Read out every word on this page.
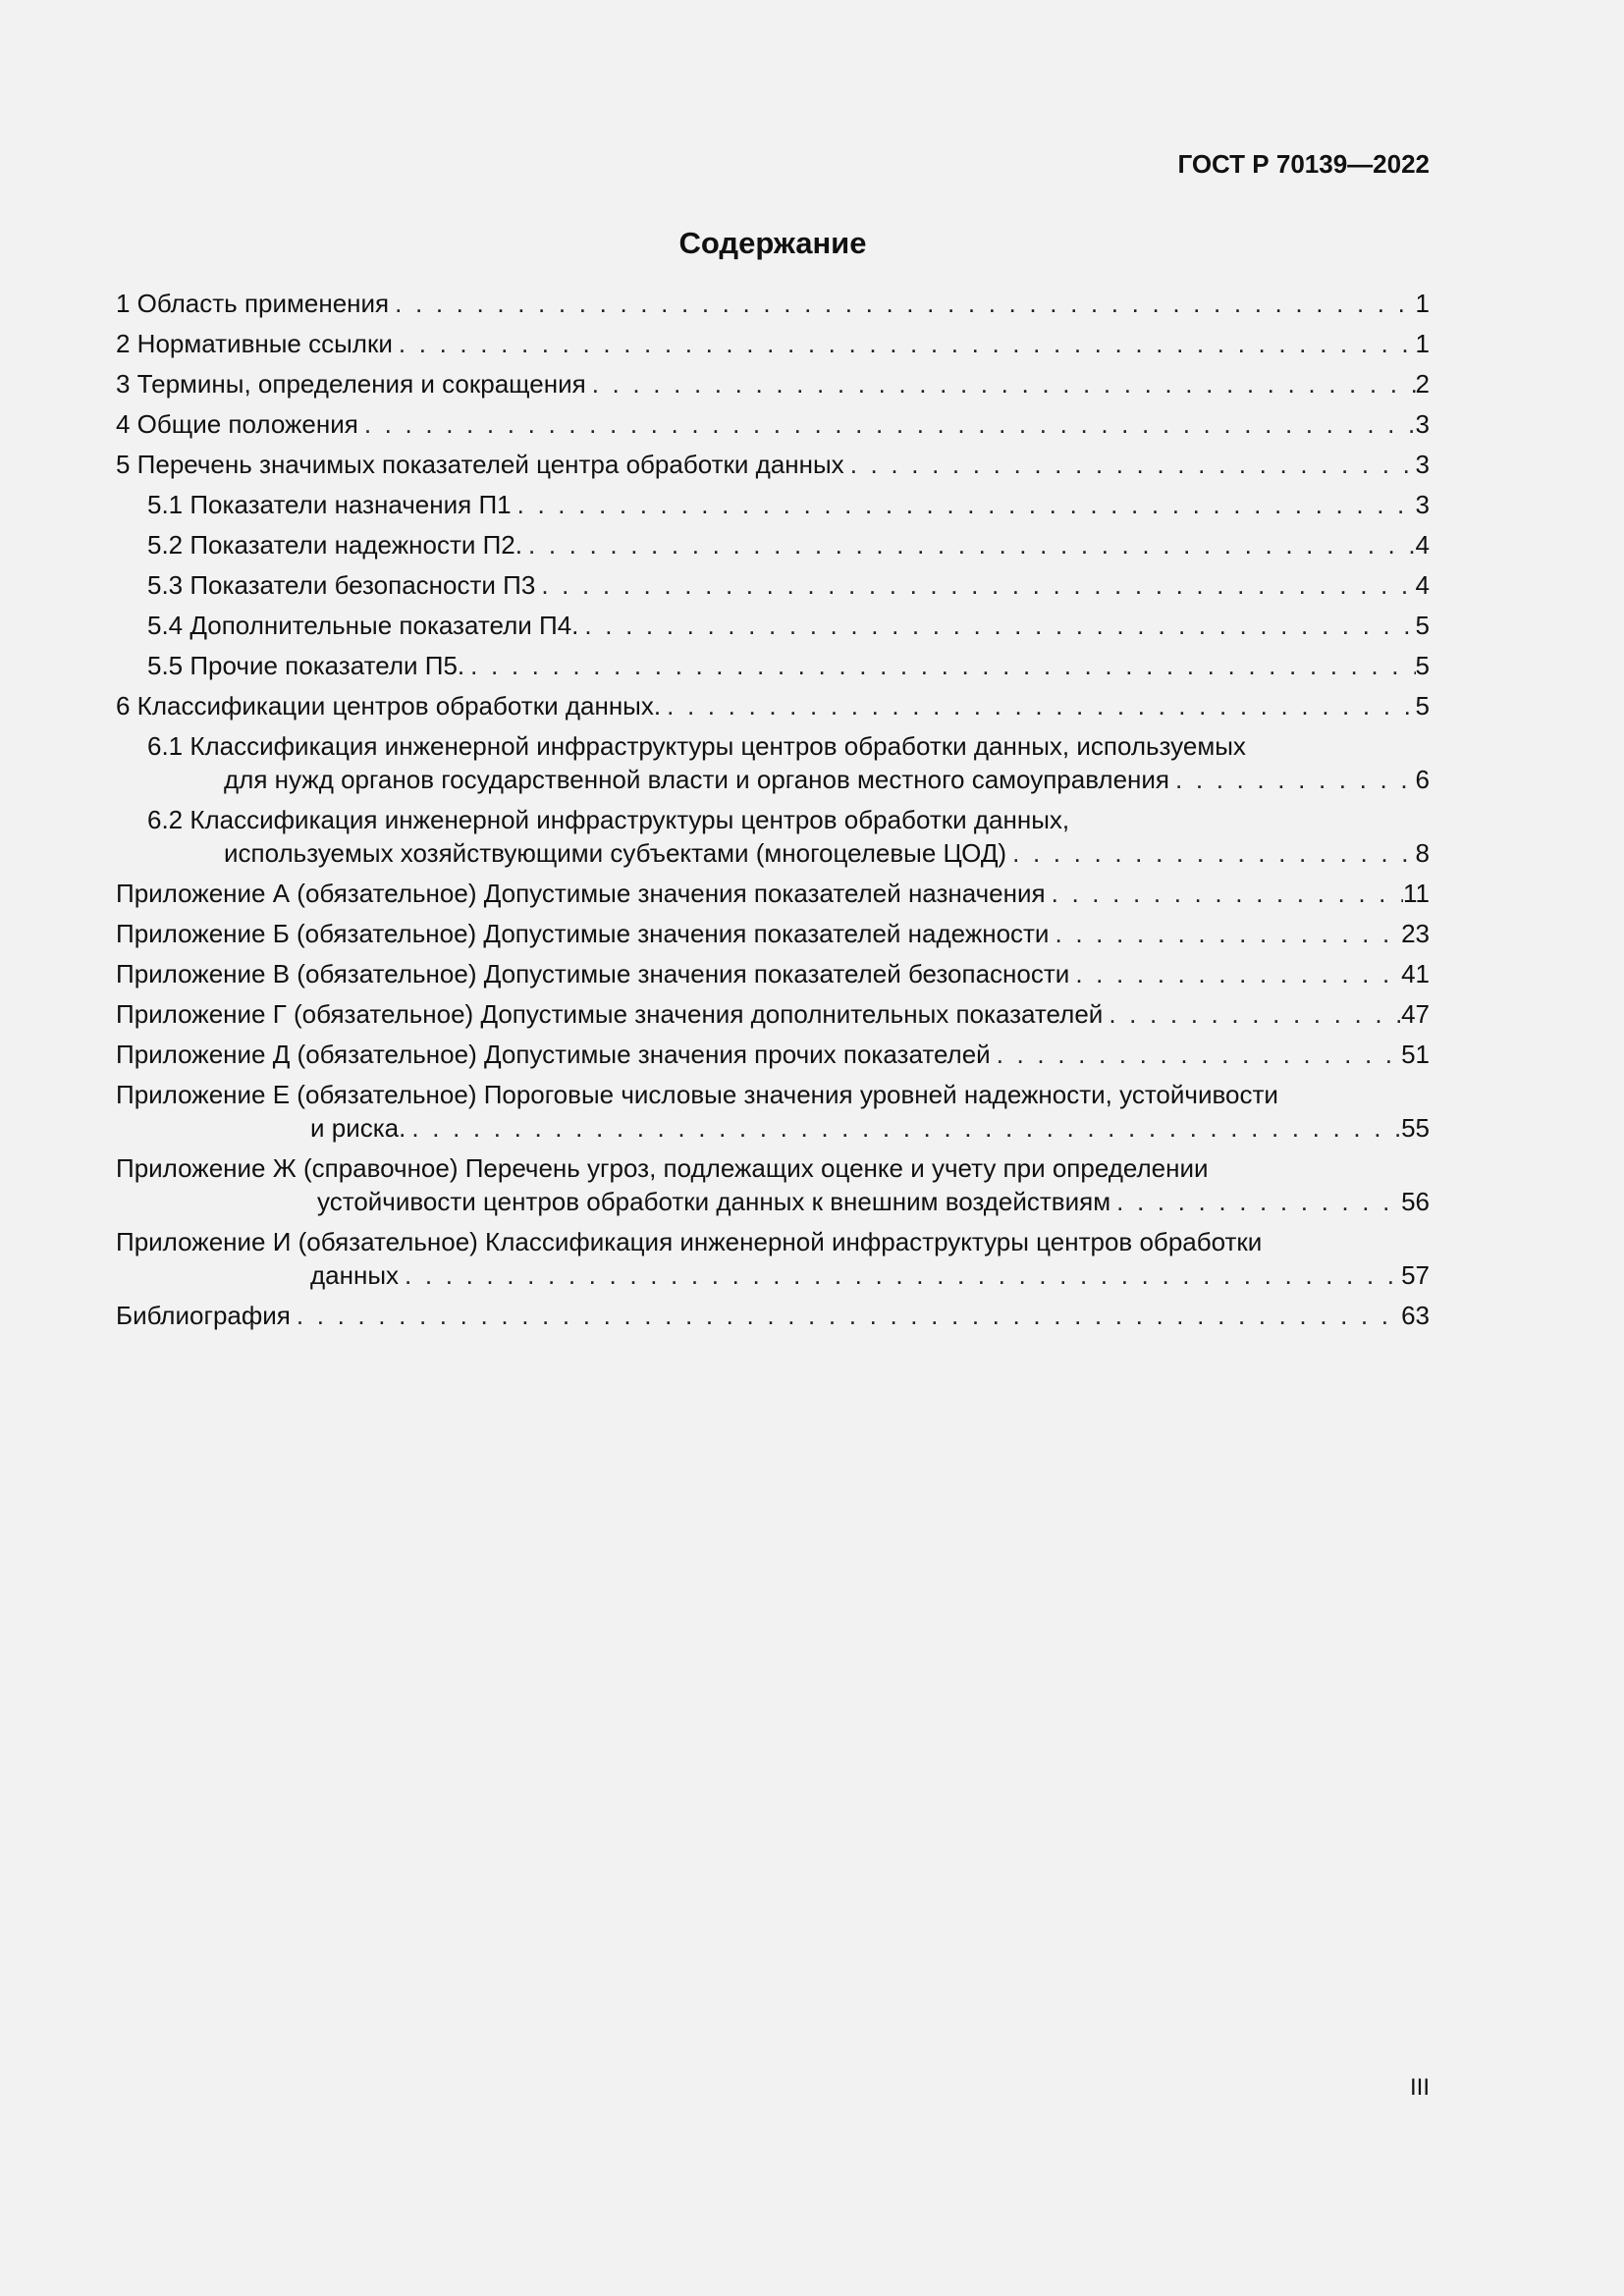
ГОСТ Р 70139—2022
Содержание
1 Область применения . . .	1
2 Нормативные ссылки . . .	1
3 Термины, определения и сокращения . . .	2
4 Общие положения . . .	3
5 Перечень значимых показателей центра обработки данных . . .	3
5.1 Показатели назначения П1 . . .	3
5.2 Показатели надежности П2. . . .	4
5.3 Показатели безопасности П3 . . .	4
5.4 Дополнительные показатели П4. . . .	5
5.5 Прочие показатели П5. . . .	5
6 Классификации центров обработки данных. . . .	5
6.1 Классификация инженерной инфраструктуры центров обработки данных, используемых
для нужд органов государственной власти и органов местного самоуправления . . .	6
6.2 Классификация инженерной инфраструктуры центров обработки данных,
используемых хозяйствующими субъектами (многоцелевые ЦОД) . . .	8
Приложение А (обязательное) Допустимые значения показателей назначения . . .	11
Приложение Б (обязательное) Допустимые значения показателей надежности . . .	23
Приложение В (обязательное) Допустимые значения показателей безопасности . . .	41
Приложение Г (обязательное) Допустимые значения дополнительных показателей . . .	47
Приложение Д (обязательное) Допустимые значения прочих показателей . . .	51
Приложение Е (обязательное) Пороговые числовые значения уровней надежности, устойчивости
и риска. . . .	55
Приложение Ж (справочное) Перечень угроз, подлежащих оценке и учету при определении
устойчивости центров обработки данных к внешним воздействиям . . .	56
Приложение И (обязательное) Классификация инженерной инфраструктуры центров обработки
данных . . .	57
Библиография . . .	63
III
